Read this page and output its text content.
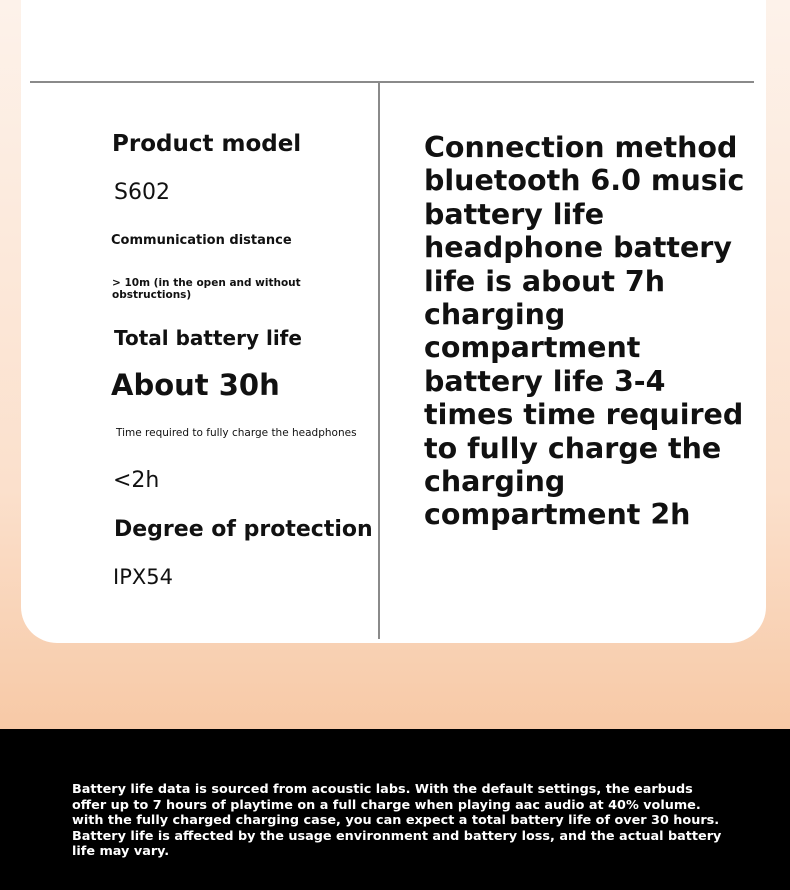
Product model

S602

Communication distance

> 10m (in the open and without obstructions)

Total battery life

About 30h

Time required to fully charge the headphones

<2h

Degree of protection

IPX54

Connection method bluetooth 6.0 music battery life headphone battery life is about 7h charging compartment battery life 3-4 times time required to fully charge the charging compartment 2h

Battery life data is sourced from acoustic labs. With the default settings, the earbuds offer up to 7 hours of playtime on a full charge when playing aac audio at 40% volume. with the fully charged charging case, you can expect a total battery life of over 30 hours. Battery life is affected by the usage environment and battery loss, and the actual battery life may vary.
